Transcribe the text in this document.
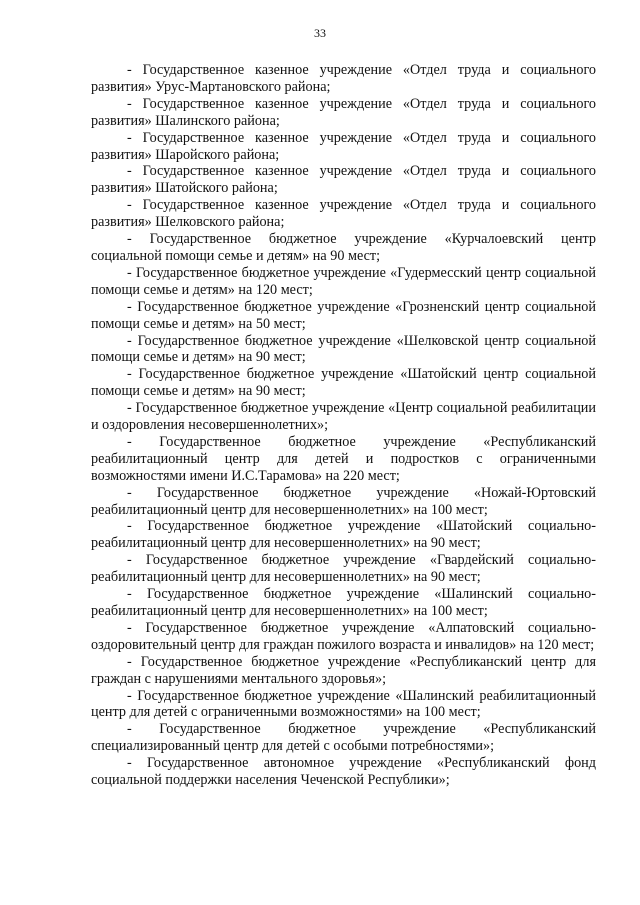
33

- Государственное казенное учреждение «Отдел труда и социального развития» Урус-Мартановского района;

- Государственное казенное учреждение «Отдел труда и социального развития» Шалинского района;

- Государственное казенное учреждение «Отдел труда и социального развития» Шаройского района;

- Государственное казенное учреждение «Отдел труда и социального развития» Шатойского района;

- Государственное казенное учреждение «Отдел труда и социального развития» Шелковского района;

- Государственное бюджетное учреждение «Курчалоевский центр социальной помощи семье и детям» на 90 мест;

- Государственное бюджетное учреждение «Гудермесский центр социальной помощи семье и детям» на 120 мест;

- Государственное бюджетное учреждение «Грозненский центр социальной помощи семье и детям» на 50 мест;

- Государственное бюджетное учреждение «Шелковской центр социальной помощи семье и детям» на 90 мест;

- Государственное бюджетное учреждение «Шатойский центр социальной помощи семье и детям» на 90 мест;

- Государственное бюджетное учреждение «Центр социальной реабилитации и оздоровления несовершеннолетних»;

- Государственное бюджетное учреждение «Республиканский реабилитационный центр для детей и подростков с ограниченными возможностями имени И.С.Тарамова» на 220 мест;

- Государственное бюджетное учреждение «Ножай-Юртовский реабилитационный центр для несовершеннолетних» на 100 мест;

- Государственное бюджетное учреждение «Шатойский социально-реабилитационный центр для несовершеннолетних» на 90 мест;

- Государственное бюджетное учреждение «Гвардейский социально-реабилитационный центр для несовершеннолетних» на 90 мест;

- Государственное бюджетное учреждение «Шалинский социально-реабилитационный центр для несовершеннолетних» на 100 мест;

- Государственное бюджетное учреждение «Алпатовский социально-оздоровительный центр для граждан пожилого возраста и инвалидов» на 120 мест;

- Государственное бюджетное учреждение «Республиканский центр для граждан с нарушениями ментального здоровья»;

- Государственное бюджетное учреждение «Шалинский реабилитационный центр для детей с ограниченными возможностями» на 100 мест;

- Государственное бюджетное учреждение «Республиканский специализированный центр для детей с особыми потребностями»;

- Государственное автономное учреждение «Республиканский фонд социальной поддержки населения Чеченской Республики»;
